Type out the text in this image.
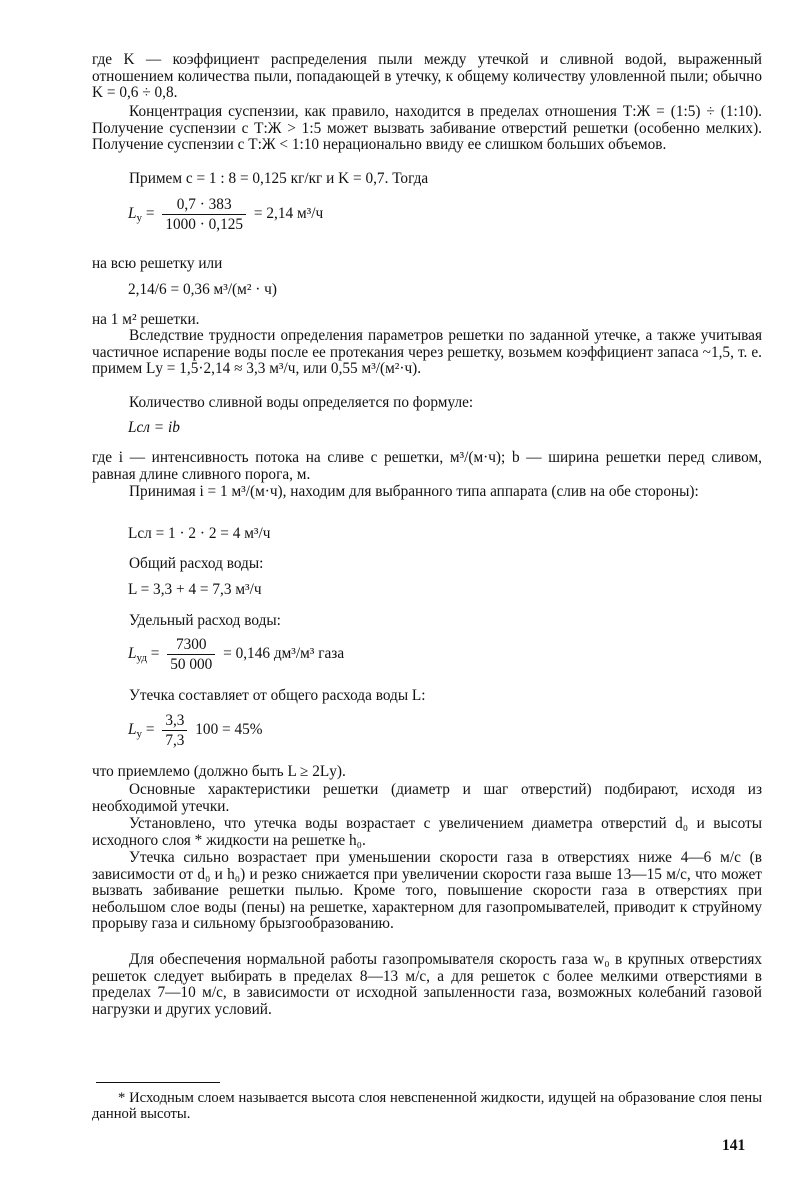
где K — коэффициент распределения пыли между утечкой и сливной водой, выраженный отношением количества пыли, попадающей в утечку, к общему количеству уловленной пыли; обычно K = 0,6 ÷ 0,8.

Концентрация суспензии, как правило, находится в пределах отношения Т:Ж = (1:5) ÷ (1:10). Получение суспензии с Т:Ж > 1:5 может вызвать забивание отверстий решетки (особенно мелких). Получение суспензии с Т:Ж < 1:10 нерационально ввиду ее слишком больших объемов.

Примем c = 1 : 8 = 0,125 кг/кг и K = 0,7. Тогда

$L_у = \frac{0,7 \cdot 383}{1000 \cdot 0,125} = 2,14$ м³/ч

на всю решетку или

2,14/6 = 0,36 м³/(м² · ч)

на 1 м² решетки.

Вследствие трудности определения параметров решетки по заданной утечке, а также учитывая частичное испарение воды после ее протекания через решетку, возьмем коэффициент запаса ~1,5, т. е. примем Lу = 1,5·2,14 ≈ 3,3 м³/ч, или 0,55 м³/(м²·ч).

Количество сливной воды определяется по формуле:

Lсл = ib

где i — интенсивность потока на сливе с решетки, м³/(м·ч); b — ширина решетки перед сливом, равная длине сливного порога, м.

Принимая i = 1 м³/(м·ч), находим для выбранного типа аппарата (слив на обе стороны):

Lсл = 1 · 2 · 2 = 4 м³/ч

Общий расход воды:

L = 3,3 + 4 = 7,3 м³/ч

Удельный расход воды:

$L_{уд} = \frac{7300}{50 000} = 0,146$ дм³/м³ газа

Утечка составляет от общего расхода воды L:

$L_у = \frac{3,3}{7,3} 100 = 45\%$

что приемлемо (должно быть L ≥ 2Lу).

Основные характеристики решетки (диаметр и шаг отверстий) подбирают, исходя из необходимой утечки.

Установлено, что утечка воды возрастает с увеличением диаметра отверстий d₀ и высоты исходного слоя * жидкости на решетке h₀.

Утечка сильно возрастает при уменьшении скорости газа в отверстиях ниже 4—6 м/с (в зависимости от d₀ и h₀) и резко снижается при увеличении скорости газа выше 13—15 м/с, что может вызвать забивание решетки пылью. Кроме того, повышение скорости газа в отверстиях при небольшом слое воды (пены) на решетке, характерном для газопромывателей, приводит к струйному прорыву газа и сильному брызгообразованию.

Для обеспечения нормальной работы газопромывателя скорость газа w₀ в крупных отверстиях решеток следует выбирать в пределах 8—13 м/с, а для решеток с более мелкими отверстиями в пределах 7—10 м/с, в зависимости от исходной запыленности газа, возможных колебаний газовой нагрузки и других условий.

* Исходным слоем называется высота слоя невспененной жидкости, идущей на образование слоя пены данной высоты.

141
